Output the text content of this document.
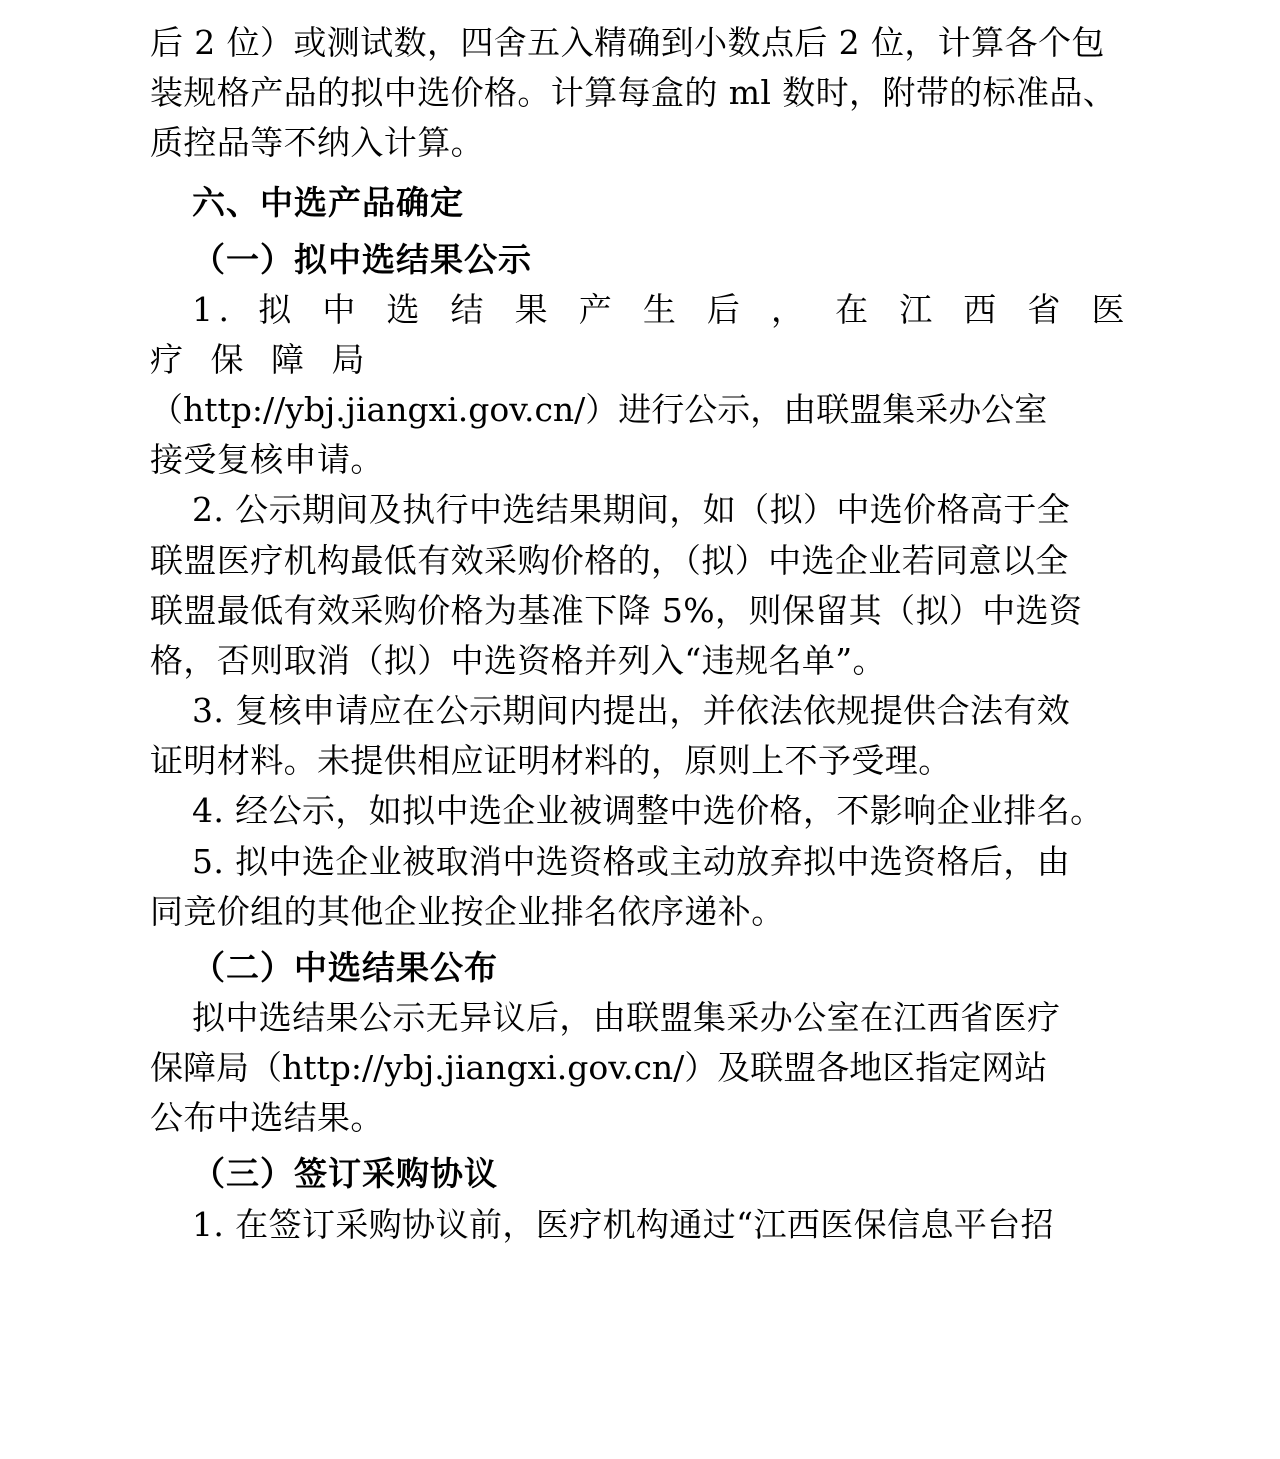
后 2 位）或测试数，四舍五入精确到小数点后 2 位，计算各个包

装规格产品的拟中选价格。计算每盒的 ml 数时，附带的标准品、

质控品等不纳入计算。

六、中选产品确定

（一）拟中选结果公示

1. 拟 中 选 结 果 产 生 后 ， 在 江 西 省 医 疗 保 障 局

（http://ybj.jiangxi.gov.cn/）进行公示，由联盟集采办公室

接受复核申请。

2. 公示期间及执行中选结果期间，如（拟）中选价格高于全

联盟医疗机构最低有效采购价格的，（拟）中选企业若同意以全

联盟最低有效采购价格为基准下降 5%，则保留其（拟）中选资

格，否则取消（拟）中选资格并列入“违规名单”。

3. 复核申请应在公示期间内提出，并依法依规提供合法有效

证明材料。未提供相应证明材料的，原则上不予受理。

4. 经公示，如拟中选企业被调整中选价格，不影响企业排名。

5. 拟中选企业被取消中选资格或主动放弃拟中选资格后，由

同竞价组的其他企业按企业排名依序递补。

（二）中选结果公布

拟中选结果公示无异议后，由联盟集采办公室在江西省医疗

保障局（http://ybj.jiangxi.gov.cn/）及联盟各地区指定网站

公布中选结果。

（三）签订采购协议

1. 在签订采购协议前，医疗机构通过“江西医保信息平台招
